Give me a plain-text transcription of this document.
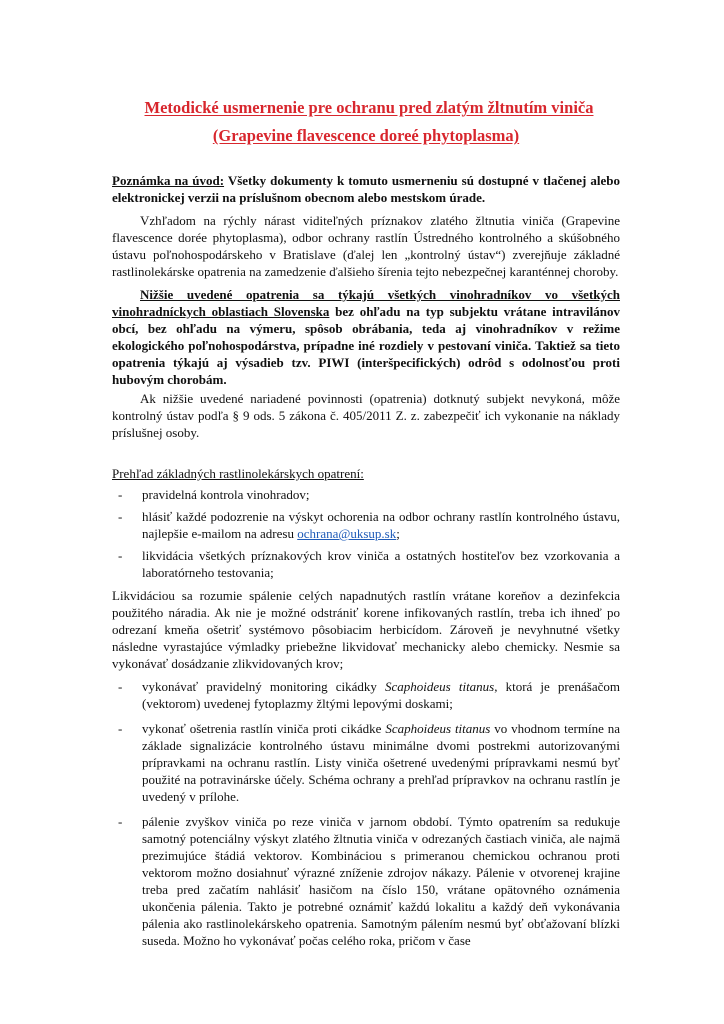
Metodické usmernenie pre ochranu pred zlatým žltnutím viniča
(Grapevine flavescence doreé phytoplasma)

Poznámka na úvod: Všetky dokumenty k tomuto usmerneniu sú dostupné v tlačenej alebo elektronickej verzii na príslušnom obecnom alebo mestskom úrade.

Vzhľadom na rýchly nárast viditeľných príznakov zlatého žltnutia viniča (Grapevine flavescence dorée phytoplasma), odbor ochrany rastlín Ústredného kontrolného a skúšobného ústavu poľnohospodárskeho v Bratislave (ďalej len „kontrolný ústav“) zverejňuje základné rastlinolekárske opatrenia na zamedzenie ďalšieho šírenia tejto nebezpečnej karanténnej choroby.

Nižšie uvedené opatrenia sa týkajú všetkých vinohradníkov vo všetkých vinohradníckych oblastiach Slovenska bez ohľadu na typ subjektu vrátane intravilánov obcí, bez ohľadu na výmeru, spôsob obrábania, teda aj vinohradníkov v režime ekologického poľnohospodárstva, prípadne iné rozdiely v pestovaní viniča. Taktiež sa tieto opatrenia týkajú aj výsadieb tzv. PIWI (interšpecifických) odrôd s odolnosťou proti hubovým chorobám.

Ak nižšie uvedené nariadené povinnosti (opatrenia) dotknutý subjekt nevykoná, môže kontrolný ústav podľa § 9 ods. 5 zákona č. 405/2011 Z. z. zabezpečiť ich vykonanie na náklady príslušnej osoby.

Prehľad základných rastlinolekárskych opatrení:
- pravidelná kontrola vinohradov;
- hlásiť každé podozrenie na výskyt ochorenia na odbor ochrany rastlín kontrolného ústavu, najlepšie e-mailom na adresu ochrana@uksup.sk;
- likvidácia všetkých príznakových krov viniča a ostatných hostiteľov bez vzorkovania a laboratórneho testovania;

Likvidáciou sa rozumie spálenie celých napadnutých rastlín vrátane koreňov a dezinfekcia použitého náradia. Ak nie je možné odstrániť korene infikovaných rastlín, treba ich ihneď po odrezaní kmeňa ošetriť systémovo pôsobiacim herbicídom. Zároveň je nevyhnutné všetky následne vyrastajúce výmladky priebežne likvidovať mechanicky alebo chemicky. Nesmie sa vykonávať dosádzanie zlikvidovaných krov;

- vykonávať pravidelný monitoring cikádky Scaphoideus titanus, ktorá je prenášačom (vektorom) uvedenej fytoplazmy žltými lepovými doskami;
- vykonať ošetrenia rastlín viniča proti cikádke Scaphoideus titanus vo vhodnom termíne na základe signalizácie kontrolného ústavu minimálne dvomi postrekmi autorizovanými prípravkami na ochranu rastlín. Listy viniča ošetrené uvedenými prípravkami nesmú byť použité na potravinárske účely. Schéma ochrany a prehľad prípravkov na ochranu rastlín je uvedený v prílohe.
- pálenie zvyškov viniča po reze viniča v jarnom období. Týmto opatrením sa redukuje samotný potenciálny výskyt zlatého žltnutia viniča v odrezaných častiach viniča, ale najmä prezimujúce štádiá vektorov. Kombináciou s primeranou chemickou ochranou proti vektorom možno dosiahnuť výrazné zníženie zdrojov nákazy. Pálenie v otvorenej krajine treba pred začatím nahlásiť hasičom na číslo 150, vrátane opätovného oznámenia ukončenia pálenia. Takto je potrebné oznámiť každú lokalitu a každý deň vykonávania pálenia ako rastlinolekárskeho opatrenia. Samotným pálením nesmú byť obťažovaní blízki suseda. Možno ho vykonávať počas celého roka, pričom v čase
